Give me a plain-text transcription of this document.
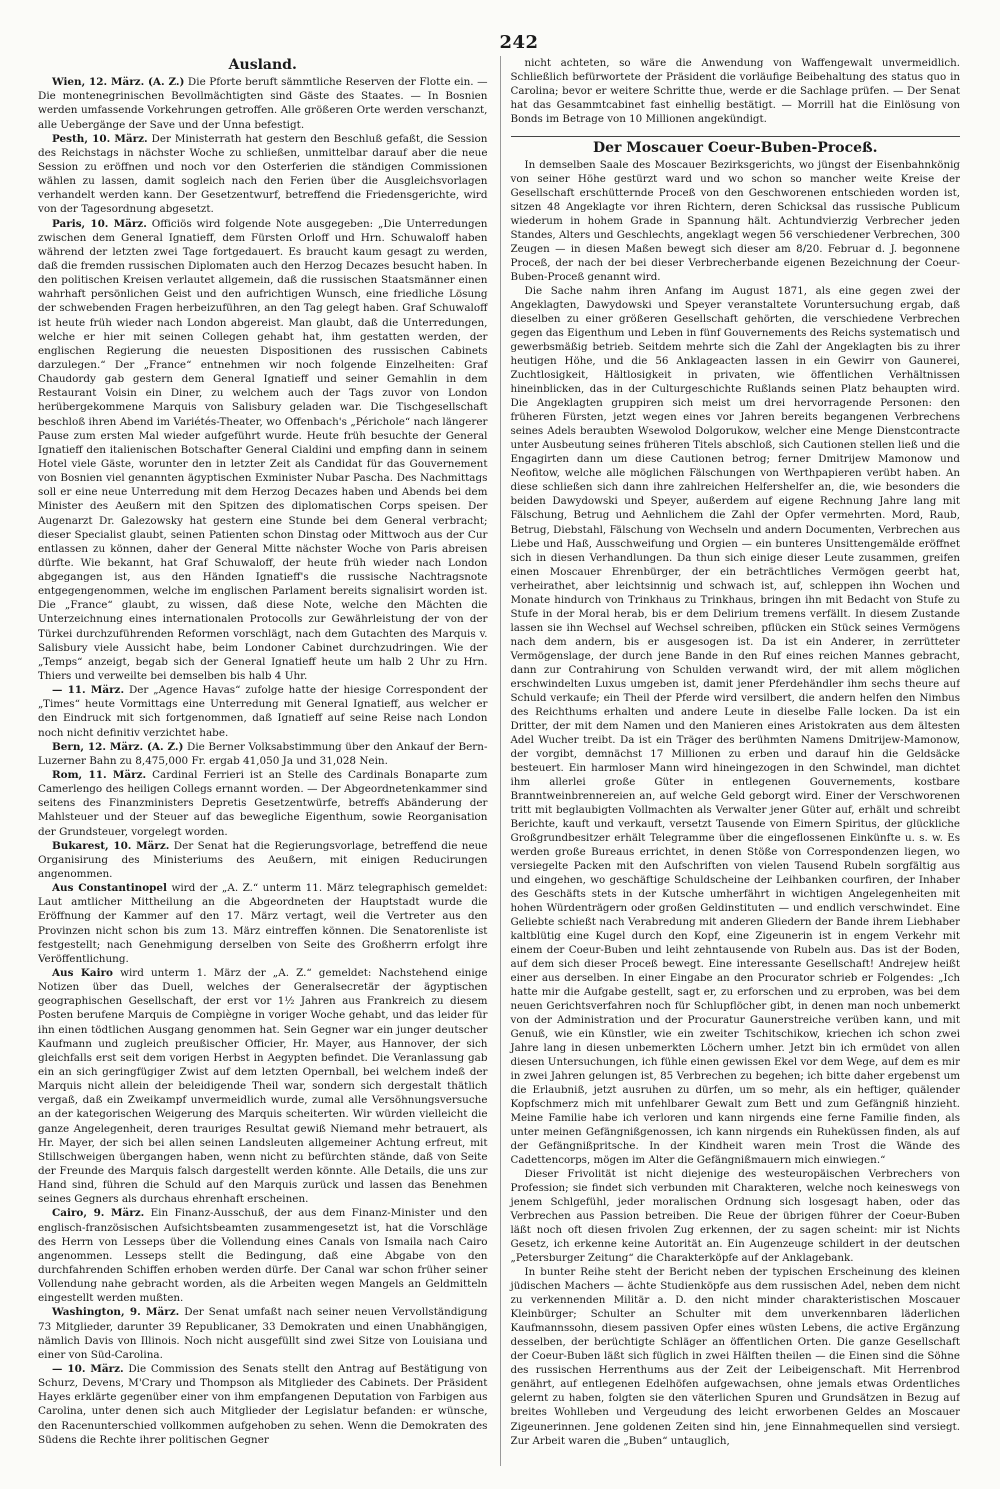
242
Ausland.

Wien, 12. März. (A. Z.) Die Pforte beruft sämmtliche Reserven der Flotte ein. — Die montenegrinischen Bevollmächtigten sind Gäste des Staates. — In Bosnien werden umfassende Vorkehrungen getroffen. Alle größeren Orte werden verschanzt, alle Uebergänge der Save und der Unna befestigt.

Pesth, 10. März. Der Ministerrath hat gestern den Beschluß gefaßt, die Session des Reichstags in nächster Woche zu schließen, unmittelbar darauf aber die neue Session zu eröffnen und noch vor den Osterferien die ständigen Commissionen wählen zu lassen, damit sogleich nach den Ferien über die Ausgleichsvorlagen verhandelt werden kann. Der Gesetzentwurf, betreffend die Friedensgerichte, wird von der Tagesordnung abgesetzt.

Paris, 10. März. Officiös wird folgende Note ausgegeben: „Die Unterredungen zwischen dem General Ignatieff, dem Fürsten Orloff und Hrn. Schuwaloff haben während der letzten zwei Tage fortgedauert. Es braucht kaum gesagt zu werden, daß die fremden russischen Diplomaten auch den Herzog Decazes besucht haben. In den politischen Kreisen verlautet allgemein, daß die russischen Staatsmänner einen wahrhaft persönlichen Geist und den aufrichtigen Wunsch, eine friedliche Lösung der schwebenden Fragen herbeizuführen, an den Tag gelegt haben. Graf Schuwaloff ist heute früh wieder nach London abgereist. Man glaubt, daß die Unterredungen, welche er hier mit seinen Collegen gehabt hat, ihm gestatten werden, der englischen Regierung die neuesten Dispositionen des russischen Cabinets darzulegen.“ Der „France“ entnehmen wir noch folgende Einzelheiten: Graf Chaudordy gab gestern dem General Ignatieff und seiner Gemahlin in dem Restaurant Voisin ein Diner, zu welchem auch der Tags zuvor von London herübergekommene Marquis von Salisbury geladen war. Die Tischgesellschaft beschloß ihren Abend im Variétés-Theater, wo Offenbach's „Périchole“ nach längerer Pause zum ersten Mal wieder aufgeführt wurde. Heute früh besuchte der General Ignatieff den italienischen Botschafter General Cialdini und empfing dann in seinem Hotel viele Gäste, worunter den in letzter Zeit als Candidat für das Gouvernement von Bosnien viel genannten ägyptischen Exminister Nubar Pascha. Des Nachmittags soll er eine neue Unterredung mit dem Herzog Decazes haben und Abends bei dem Minister des Aeußern mit den Spitzen des diplomatischen Corps speisen. Der Augenarzt Dr. Galezowsky hat gestern eine Stunde bei dem General verbracht; dieser Specialist glaubt, seinen Patienten schon Dinstag oder Mittwoch aus der Cur entlassen zu können, daher der General Mitte nächster Woche von Paris abreisen dürfte. Wie bekannt, hat Graf Schuwaloff, der heute früh wieder nach London abgegangen ist, aus den Händen Ignatieff's die russische Nachtragsnote entgegengenommen, welche im englischen Parlament bereits signalisirt worden ist. Die „France“ glaubt, zu wissen, daß diese Note, welche den Mächten die Unterzeichnung eines internationalen Protocolls zur Gewährleistung der von der Türkei durchzuführenden Reformen vorschlägt, nach dem Gutachten des Marquis v. Salisbury viele Aussicht habe, beim Londoner Cabinet durchzudringen. Wie der „Temps“ anzeigt, begab sich der General Ignatieff heute um halb 2 Uhr zu Hrn. Thiers und verweilte bei demselben bis halb 4 Uhr.

— 11. März. Der „Agence Havas“ zufolge hatte der hiesige Correspondent der „Times“ heute Vormittags eine Unterredung mit General Ignatieff, aus welcher er den Eindruck mit sich fortgenommen, daß Ignatieff auf seine Reise nach London noch nicht definitiv verzichtet habe.

Bern, 12. März. (A. Z.) Die Berner Volksabstimmung über den Ankauf der Bern-Luzerner Bahn zu 8,475,000 Fr. ergab 41,050 Ja und 31,028 Nein.

Rom, 11. März. Cardinal Ferrieri ist an Stelle des Cardinals Bonaparte zum Camerlengo des heiligen Collegs ernannt worden. — Der Abgeordnetenkammer sind seitens des Finanzministers Depretis Gesetzentwürfe, betreffs Abänderung der Mahlsteuer und der Steuer auf das bewegliche Eigenthum, sowie Reorganisation der Grundsteuer, vorgelegt worden.

Bukarest, 10. März. Der Senat hat die Regierungsvorlage, betreffend die neue Organisirung des Ministeriums des Aeußern, mit einigen Reducirungen angenommen.

Aus Constantinopel wird der „A. Z.“ unterm 11. März telegraphisch gemeldet: Laut amtlicher Mittheilung an die Abgeordneten der Hauptstadt wurde die Eröffnung der Kammer auf den 17. März vertagt, weil die Vertreter aus den Provinzen nicht schon bis zum 13. März eintreffen können. Die Senatorenliste ist festgestellt; nach Genehmigung derselben von Seite des Großherrn erfolgt ihre Veröffentlichung.

Aus Kairo wird unterm 1. März der „A. Z.“ gemeldet: Nachstehend einige Notizen über das Duell, welches der Generalsecretär der ägyptischen geographischen Gesellschaft, der erst vor 1½ Jahren aus Frankreich zu diesem Posten berufene Marquis de Compiègne in voriger Woche gehabt, und das leider für ihn einen tödtlichen Ausgang genommen hat. Sein Gegner war ein junger deutscher Kaufmann und zugleich preußischer Officier, Hr. Mayer, aus Hannover, der sich gleichfalls erst seit dem vorigen Herbst in Aegypten befindet. Die Veranlassung gab ein an sich geringfügiger Zwist auf dem letzten Opernball, bei welchem indeß der Marquis nicht allein der beleidigende Theil war, sondern sich dergestalt thätlich vergaß, daß ein Zweikampf unvermeidlich wurde, zumal alle Versöhnungsversuche an der kategorischen Weigerung des Marquis scheiterten. Wir würden vielleicht die ganze Angelegenheit, deren trauriges Resultat gewiß Niemand mehr betrauert, als Hr. Mayer, der sich bei allen seinen Landsleuten allgemeiner Achtung erfreut, mit Stillschweigen übergangen haben, wenn nicht zu befürchten stände, daß von Seite der Freunde des Marquis falsch dargestellt werden könnte. Alle Details, die uns zur Hand sind, führen die Schuld auf den Marquis zurück und lassen das Benehmen seines Gegners als durchaus ehrenhaft erscheinen.

Cairo, 9. März. Ein Finanz-Ausschuß, der aus dem Finanz-Minister und den englisch-französischen Aufsichtsbeamten zusammengesetzt ist, hat die Vorschläge des Herrn von Lesseps über die Vollendung eines Canals von Ismaila nach Cairo angenommen. Lesseps stellt die Bedingung, daß eine Abgabe von den durchfahrenden Schiffen erhoben werden dürfe. Der Canal war schon früher seiner Vollendung nahe gebracht worden, als die Arbeiten wegen Mangels an Geldmitteln eingestellt werden mußten.

Washington, 9. März. Der Senat umfaßt nach seiner neuen Vervollständigung 73 Mitglieder, darunter 39 Republicaner, 33 Demokraten und einen Unabhängigen, nämlich Davis von Illinois. Noch nicht ausgefüllt sind zwei Sitze von Louisiana und einer von Süd-Carolina.

— 10. März. Die Commission des Senats stellt den Antrag auf Bestätigung von Schurz, Devens, M'Crary und Thompson als Mitglieder des Cabinets. Der Präsident Hayes erklärte gegenüber einer von ihm empfangenen Deputation von Farbigen aus Carolina, unter denen sich auch Mitglieder der Legislatur befanden: er wünsche, den Racenunterschied vollkommen aufgehoben zu sehen. Wenn die Demokraten des Südens die Rechte ihrer politischen Gegner

nicht achteten, so wäre die Anwendung von Waffengewalt unvermeidlich. Schließlich befürwortete der Präsident die vorläufige Beibehaltung des status quo in Carolina; bevor er weitere Schritte thue, werde er die Sachlage prüfen. — Der Senat hat das Gesammtcabinet fast einhellig bestätigt. — Morrill hat die Einlösung von Bonds im Betrage von 10 Millionen angekündigt.

Der Moscauer Coeur-Buben-Proceß.

In demselben Saale des Moscauer Bezirksgerichts, wo jüngst der Eisenbahnkönig von seiner Höhe gestürzt ward und wo schon so mancher weite Kreise der Gesellschaft erschütternde Proceß von den Geschworenen entschieden worden ist, sitzen 48 Angeklagte vor ihren Richtern, deren Schicksal das russische Publicum wiederum in hohem Grade in Spannung hält. Achtundvierzig Verbrecher jeden Standes, Alters und Geschlechts, angeklagt wegen 56 verschiedener Verbrechen, 300 Zeugen — in diesen Maßen bewegt sich dieser am 8/20. Februar d. J. begonnene Proceß, der nach der bei dieser Verbrecherbande eigenen Bezeichnung der Coeur-Buben-Proceß genannt wird.

Die Sache nahm ihren Anfang im August 1871, als eine gegen zwei der Angeklagten, Dawydowski und Speyer veranstaltete Voruntersuchung ergab, daß dieselben zu einer größeren Gesellschaft gehörten, die verschiedene Verbrechen gegen das Eigenthum und Leben in fünf Gouvernements des Reichs systematisch und gewerbsmäßig betrieb. Seitdem mehrte sich die Zahl der Angeklagten bis zu ihrer heutigen Höhe, und die 56 Anklageacten lassen in ein Gewirr von Gaunerei, Zuchtlosigkeit, Hältlosigkeit in privaten, wie öffentlichen Verhältnissen hineinblicken, das in der Culturgeschichte Rußlands seinen Platz behaupten wird. Die Angeklagten gruppiren sich meist um drei hervorragende Personen: den früheren Fürsten, jetzt wegen eines vor Jahren bereits begangenen Verbrechens seines Adels beraubten Wsewolod Dolgorukow, welcher eine Menge Dienstcontracte unter Ausbeutung seines früheren Titels abschloß, sich Cautionen stellen ließ und die Engagirten dann um diese Cautionen betrog; ferner Dmitrijew Mamonow und Neofitow, welche alle möglichen Fälschungen von Werthpapieren verübt haben. An diese schließen sich dann ihre zahlreichen Helfershelfer an, die, wie besonders die beiden Dawydowski und Speyer, außerdem auf eigene Rechnung Jahre lang mit Fälschung, Betrug und Aehnlichem die Zahl der Opfer vermehrten. Mord, Raub, Betrug, Diebstahl, Fälschung von Wechseln und andern Documenten, Verbrechen aus Liebe und Haß, Ausschweifung und Orgien — ein bunteres Unsittengemälde eröffnet sich in diesen Verhandlungen. Da thun sich einige dieser Leute zusammen, greifen einen Moscauer Ehrenbürger, der ein beträchtliches Vermögen geerbt hat, verheirathet, aber leichtsinnig und schwach ist, auf, schleppen ihn Wochen und Monate hindurch von Trinkhaus zu Trinkhaus, bringen ihn mit Bedacht von Stufe zu Stufe in der Moral herab, bis er dem Delirium tremens verfällt. In diesem Zustande lassen sie ihn Wechsel auf Wechsel schreiben, pflücken ein Stück seines Vermögens nach dem andern, bis er ausgesogen ist. Da ist ein Anderer, in zerrütteter Vermögenslage, der durch jene Bande in den Ruf eines reichen Mannes gebracht, dann zur Contrahirung von Schulden verwandt wird, der mit allem möglichen erschwindelten Luxus umgeben ist, damit jener Pferdehändler ihm sechs theure auf Schuld verkaufe; ein Theil der Pferde wird versilbert, die andern helfen den Nimbus des Reichthums erhalten und andere Leute in dieselbe Falle locken. Da ist ein Dritter, der mit dem Namen und den Manieren eines Aristokraten aus dem ältesten Adel Wucher treibt. Da ist ein Träger des berühmten Namens Dmitrijew-Mamonow, der vorgibt, demnächst 17 Millionen zu erben und darauf hin die Geldsäcke besteuert. Ein harmloser Mann wird hineingezogen in den Schwindel, man dichtet ihm allerlei große Güter in entlegenen Gouvernements, kostbare Branntweinbrennereien an, auf welche Geld geborgt wird. Einer der Verschworenen tritt mit beglaubigten Vollmachten als Verwalter jener Güter auf, erhält und schreibt Berichte, kauft und verkauft, versetzt Tausende von Eimern Spiritus, der glückliche Großgrundbesitzer erhält Telegramme über die eingeflossenen Einkünfte u. s. w. Es werden große Bureaus errichtet, in denen Stöße von Correspondenzen liegen, wo versiegelte Packen mit den Aufschriften von vielen Tausend Rubeln sorgfältig aus und eingehen, wo geschäftige Schuldscheine der Leihbanken courfiren, der Inhaber des Geschäfts stets in der Kutsche umherfährt in wichtigen Angelegenheiten mit hohen Würdenträgern oder großen Geldinstituten — und endlich verschwindet. Eine Geliebte schießt nach Verabredung mit anderen Gliedern der Bande ihrem Liebhaber kaltblütig eine Kugel durch den Kopf, eine Zigeunerin ist in engem Verkehr mit einem der Coeur-Buben und leiht zehntausende von Rubeln aus. Das ist der Boden, auf dem sich dieser Proceß bewegt. Eine interessante Gesellschaft! Andrejew heißt einer aus derselben. In einer Eingabe an den Procurator schrieb er Folgendes: „Ich hatte mir die Aufgabe gestellt, sagt er, zu erforschen und zu erproben, was bei dem neuen Gerichtsverfahren noch für Schlupflöcher gibt, in denen man noch unbemerkt von der Administration und der Procuratur Gaunerstreiche verüben kann, und mit Genuß, wie ein Künstler, wie ein zweiter Tschitschikow, kriechen ich schon zwei Jahre lang in diesen unbemerkten Löchern umher. Jetzt bin ich ermüdet von allen diesen Untersuchungen, ich fühle einen gewissen Ekel vor dem Wege, auf dem es mir in zwei Jahren gelungen ist, 85 Verbrechen zu begehen; ich bitte daher ergebenst um die Erlaubniß, jetzt ausruhen zu dürfen, um so mehr, als ein heftiger, quälender Kopfschmerz mich mit unfehlbarer Gewalt zum Bett und zum Gefängniß hinzieht. Meine Familie habe ich verloren und kann nirgends eine ferne Familie finden, als unter meinen Gefängnißgenossen, ich kann nirgends ein Ruheküssen finden, als auf der Gefängnißpritsche. In der Kindheit waren mein Trost die Wände des Cadettencorps, mögen im Alter die Gefängnißmauern mich einwiegen.“

Dieser Frivolität ist nicht diejenige des westeuropäischen Verbrechers von Profession; sie findet sich verbunden mit Charakteren, welche noch keineswegs von jenem Schlgefühl, jeder moralischen Ordnung sich losgesagt haben, oder das Verbrechen aus Passion betreiben. Die Reue der übrigen führer der Coeur-Buben läßt noch oft diesen frivolen Zug erkennen, der zu sagen scheint: mir ist Nichts Gesetz, ich erkenne keine Autorität an. Ein Augenzeuge schildert in der deutschen „Petersburger Zeitung“ die Charakterköpfe auf der Anklagebank.

In bunter Reihe steht der Bericht neben der typischen Erscheinung des kleinen jüdischen Machers — ächte Studienköpfe aus dem russischen Adel, neben dem nicht zu verkennenden Militär a. D. den nicht minder charakteristischen Moscauer Kleinbürger; Schulter an Schulter mit dem unverkennbaren läderlichen Kaufmannssohn, diesem passiven Opfer eines wüsten Lebens, die active Ergänzung desselben, der berüchtigte Schläger an öffentlichen Orten. Die ganze Gesellschaft der Coeur-Buben läßt sich füglich in zwei Hälften theilen — die Einen sind die Söhne des russischen Herrenthums aus der Zeit der Leibeigenschaft. Mit Herrenbrod genährt, auf entlegenen Edelhöfen aufgewachsen, ohne jemals etwas Ordentliches gelernt zu haben, folgten sie den väterlichen Spuren und Grundsätzen in Bezug auf breites Wohlleben und Vergeudung des leicht erworbenen Geldes an Moscauer Zigeunerinnen. Jene goldenen Zeiten sind hin, jene Einnahmequellen sind versiegt. Zur Arbeit waren die „Buben“ untauglich,
